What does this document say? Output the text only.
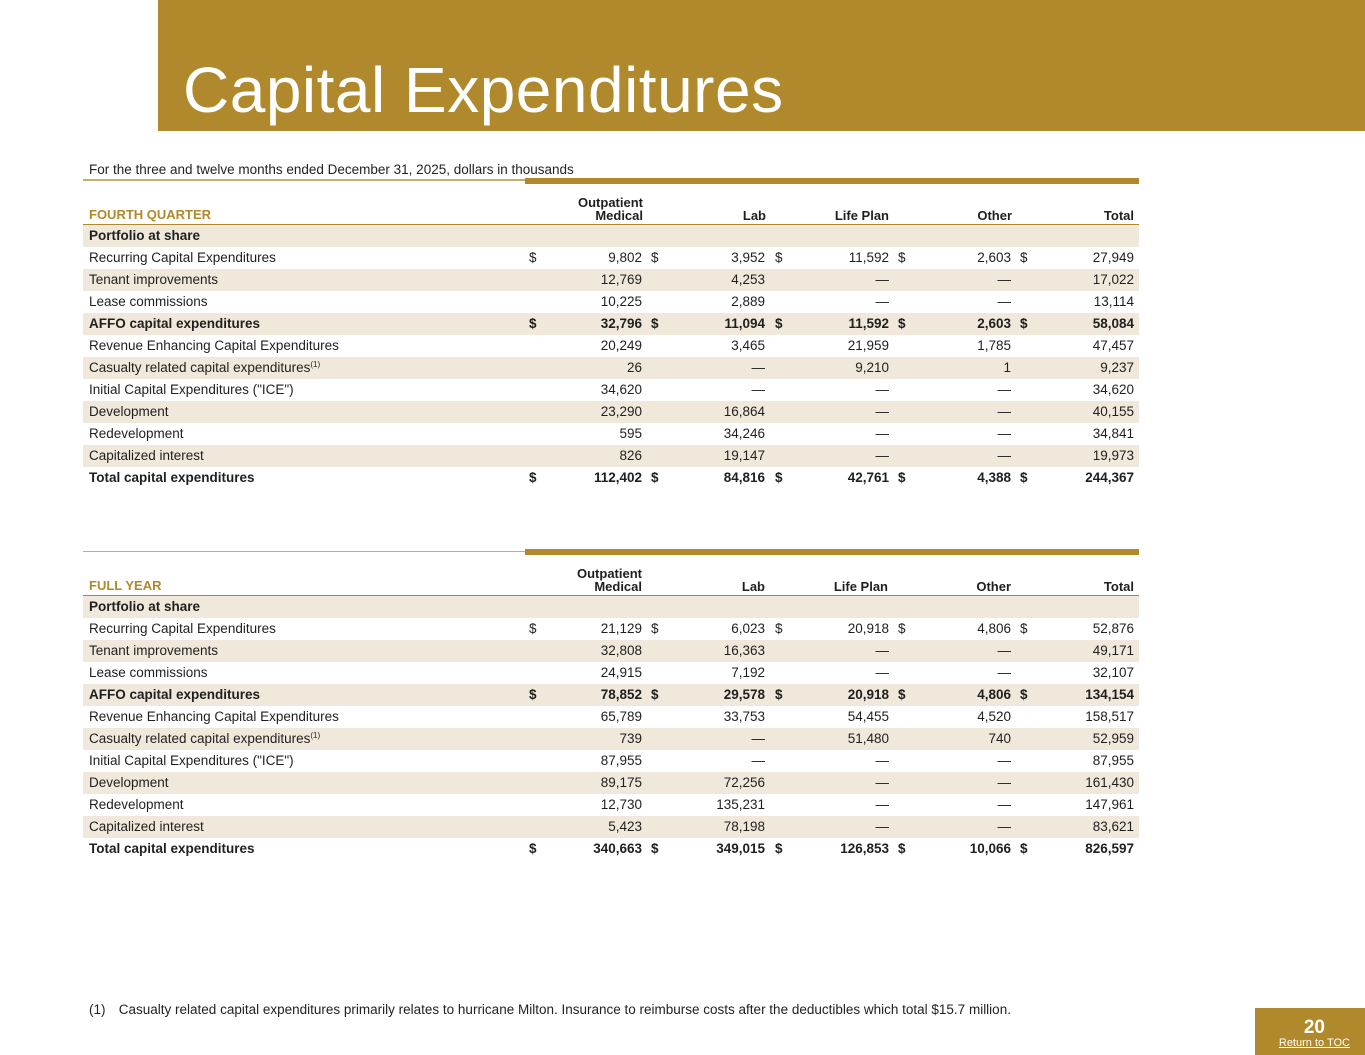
Capital Expenditures
For the three and twelve months ended December 31, 2025, dollars in thousands
FOURTH QUARTER
Outpatient
Medical	Lab	Life Plan	Other	Total
Portfolio at share
Recurring Capital Expenditures	$	9,802 $	3,952 $	11,592 $	2,603 $	27,949
Tenant improvements	12,769	4,253	—	—	17,022
Lease commissions	10,225	2,889	—	—	13,114
AFFO capital expenditures	$	32,796 $	11,094 $	11,592 $	2,603 $	58,084
Revenue Enhancing Capital Expenditures	20,249	3,465	21,959	1,785	47,457
Casualty related capital expenditures$^{(1)}$	26	—	9,210	1	9,237
Initial Capital Expenditures ("ICE")	34,620	—	—	—	34,620
Development	23,290	16,864	—	—	40,155
Redevelopment	595	34,246	—	—	34,841
Capitalized interest	826	19,147	—	—	19,973
Total capital expenditures	$	112,402 $	84,816 $	42,761 $	4,388 $	244,367
FULL YEAR
Outpatient
Medical	Lab	Life Plan	Other	Total
Portfolio at share
Recurring Capital Expenditures	$	21,129 $	6,023 $	20,918 $	4,806 $	52,876
Tenant improvements	32,808	16,363	—	—	49,171
Lease commissions	24,915	7,192	—	—	32,107
AFFO capital expenditures	$	78,852 $	29,578 $	20,918 $	4,806 $	134,154
Revenue Enhancing Capital Expenditures	65,789	33,753	54,455	4,520	158,517
Casualty related capital expenditures$^{(1)}$	739	—	51,480	740	52,959
Initial Capital Expenditures ("ICE")	87,955	—	—	—	87,955
Development	89,175	72,256	—	—	161,430
Redevelopment	12,730	135,231	—	—	147,961
Capitalized interest	5,423	78,198	—	—	83,621
Total capital expenditures	$	340,663 $	349,015 $	126,853 $	10,066 $	826,597
(1) Casualty related capital expenditures primarily relates to hurricane Milton. Insurance to reimburse costs after the deductibles which total $15.7 million.
20
Return to TOC
